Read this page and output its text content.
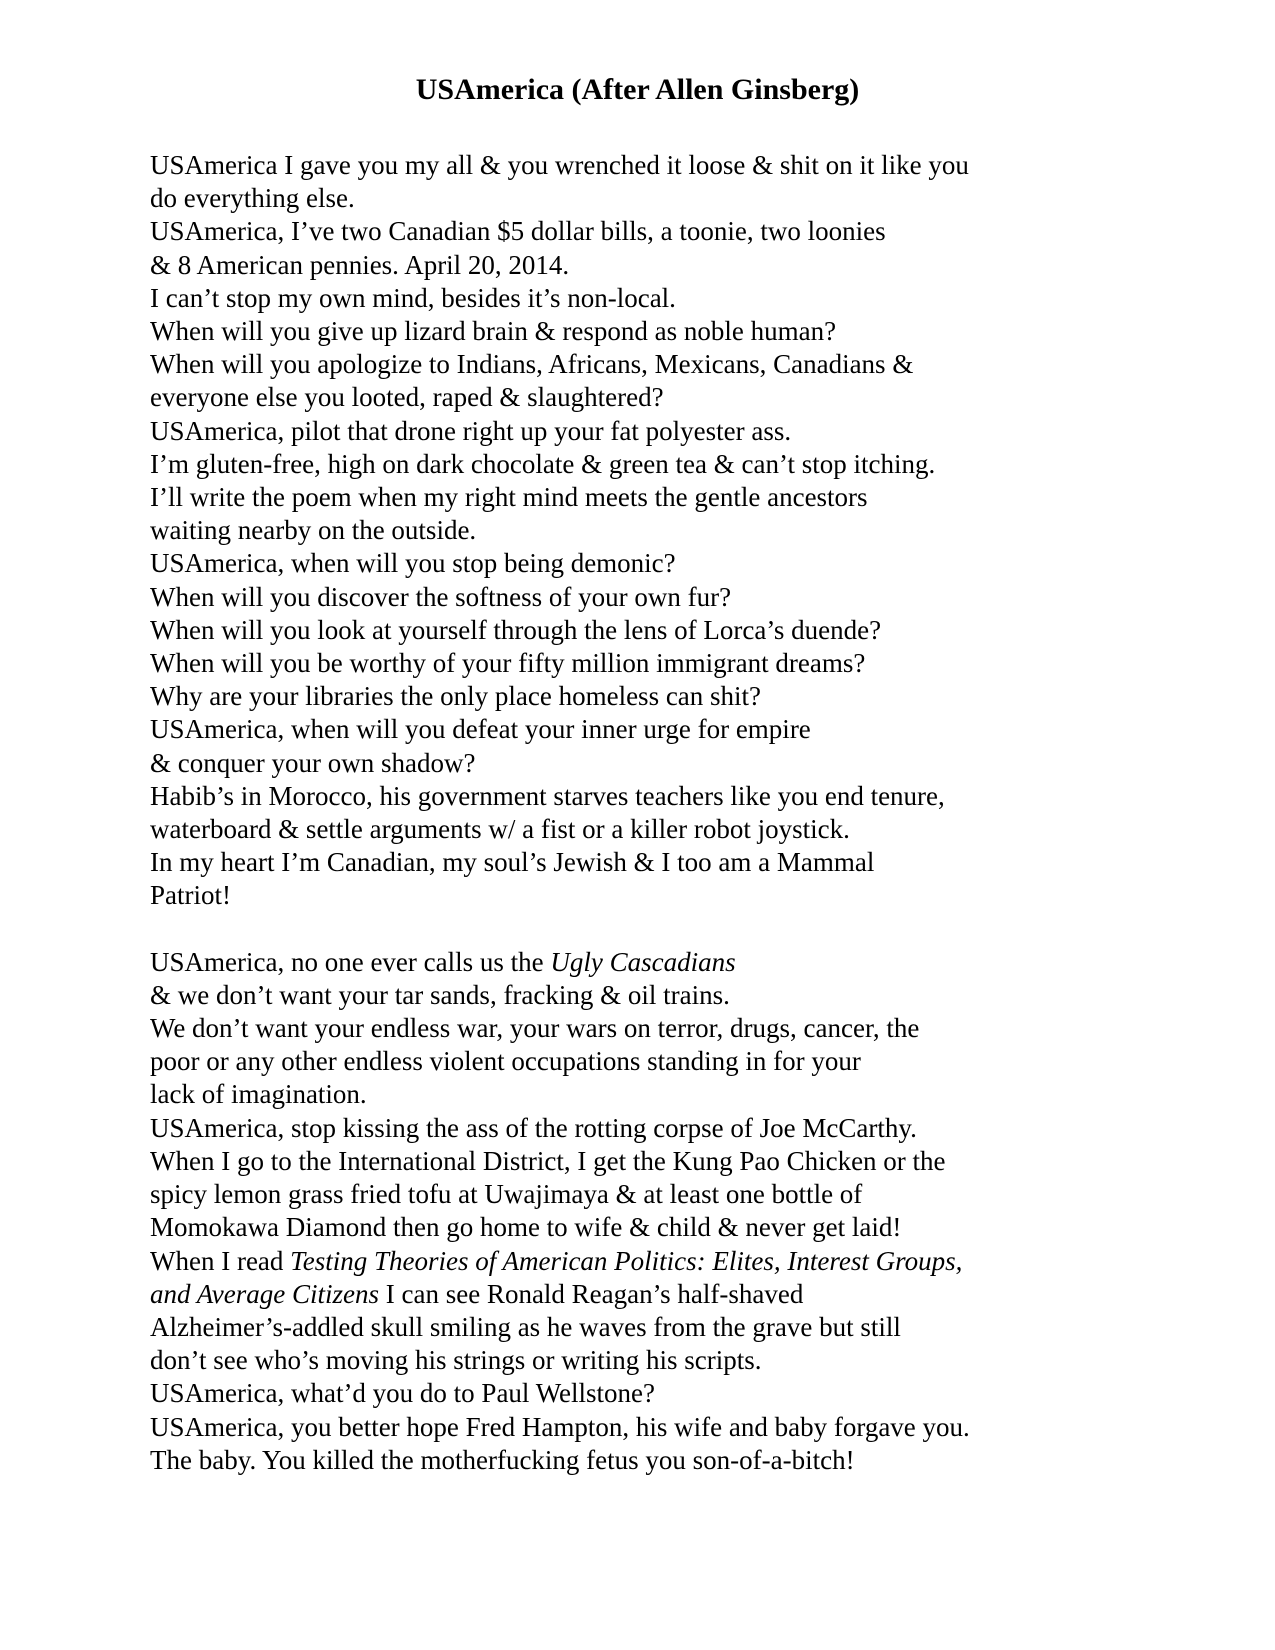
USAmerica (After Allen Ginsberg)

USAmerica I gave you my all & you wrenched it loose & shit on it like you
do everything else.

USAmerica, I’ve two Canadian $5 dollar bills, a toonie, two loonies
& 8 American pennies. April 20, 2014.

I can’t stop my own mind, besides it’s non-local.

When will you give up lizard brain & respond as noble human?

When will you apologize to Indians, Africans, Mexicans, Canadians &
everyone else you looted, raped & slaughtered?

USAmerica, pilot that drone right up your fat polyester ass.

I’m gluten-free, high on dark chocolate & green tea & can’t stop itching.

I’ll write the poem when my right mind meets the gentle ancestors
waiting nearby on the outside.

USAmerica, when will you stop being demonic?

When will you discover the softness of your own fur?

When will you look at yourself through the lens of Lorca’s duende?

When will you be worthy of your fifty million immigrant dreams?

Why are your libraries the only place homeless can shit?

USAmerica, when will you defeat your inner urge for empire
& conquer your own shadow?

Habib’s in Morocco, his government starves teachers like you end tenure,
waterboard & settle arguments w/ a fist or a killer robot joystick.
In my heart I’m Canadian, my soul’s Jewish & I too am a Mammal
Patriot!

USAmerica, no one ever calls us the Ugly Cascadians
& we don’t want your tar sands, fracking & oil trains.

We don’t want your endless war, your wars on terror, drugs, cancer, the
poor or any other endless violent occupations standing in for your
lack of imagination.

USAmerica, stop kissing the ass of the rotting corpse of Joe McCarthy.

When I go to the International District, I get the Kung Pao Chicken or the
spicy lemon grass fried tofu at Uwajimaya & at least one bottle of
Momokawa Diamond then go home to wife & child & never get laid!

When I read Testing Theories of American Politics: Elites, Interest Groups,
and Average Citizens I can see Ronald Reagan’s half-shaved
Alzheimer’s-addled skull smiling as he waves from the grave but still
don’t see who’s moving his strings or writing his scripts.

USAmerica, what’d you do to Paul Wellstone?

USAmerica, you better hope Fred Hampton, his wife and baby forgave you.
The baby. You killed the motherfucking fetus you son-of-a-bitch!
